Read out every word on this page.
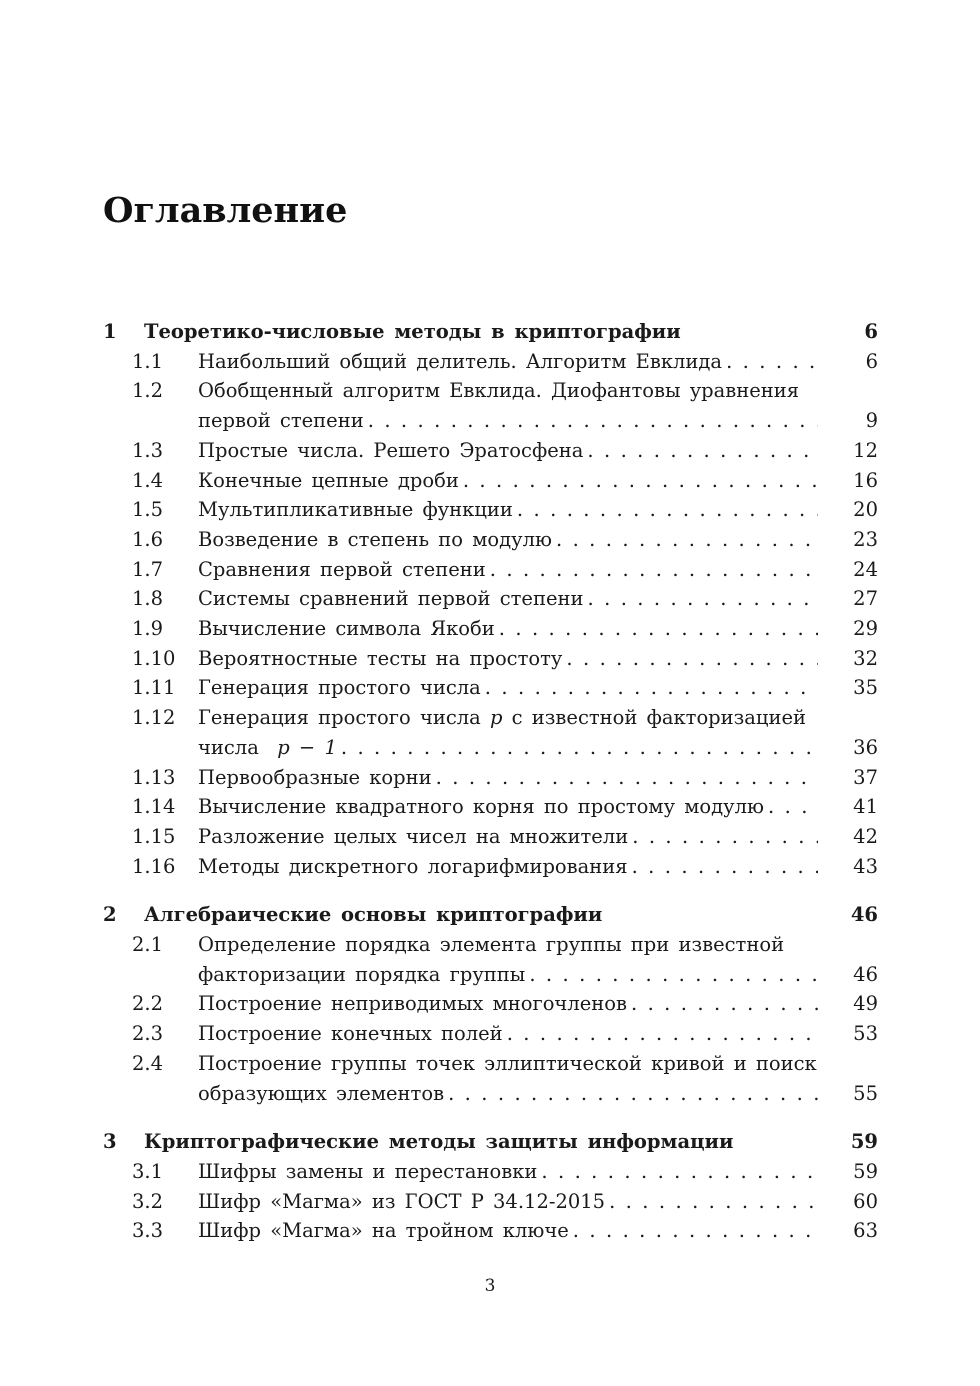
Оглавление
1	Теоретико-числовые методы в криптографии	6
1.1	Наибольший общий делитель. Алгоритм Евклида . . .	6
1.2	Обобщенный алгоритм Евклида. Диофантовы уравнения
первой степени . . .	9
1.3	Простые числа. Решето Эратосфена . . .	12
1.4	Конечные цепные дроби . . .	16
1.5	Мультипликативные функции . . .	20
1.6	Возведение в степень по модулю . . .	23
1.7	Сравнения первой степени . . .	24
1.8	Системы сравнений первой степени . . .	27
1.9	Вычисление символа Якоби . . .	29
1.10	Вероятностные тесты на простоту . . .	32
1.11	Генерация простого числа . . .	35
1.12	Генерация простого числа p с известной факторизацией
числа p − 1 . . .	36
1.13	Первообразные корни . . .	37
1.14	Вычисление квадратного корня по простому модулю . . .	41
1.15	Разложение целых чисел на множители . . .	42
1.16	Методы дискретного логарифмирования . . .	43
2	Алгебраические основы криптографии	46
2.1	Определение порядка элемента группы при известной
факторизации порядка группы . . .	46
2.2	Построение неприводимых многочленов . . .	49
2.3	Построение конечных полей . . .	53
2.4	Построение группы точек эллиптической кривой и поиск
образующих элементов . . .	55
3	Криптографические методы защиты информации	59
3.1	Шифры замены и перестановки . . .	59
3.2	Шифр «Магма» из ГОСТ Р 34.12-2015 . . .	60
3.3	Шифр «Магма» на тройном ключе . . .	63
3
